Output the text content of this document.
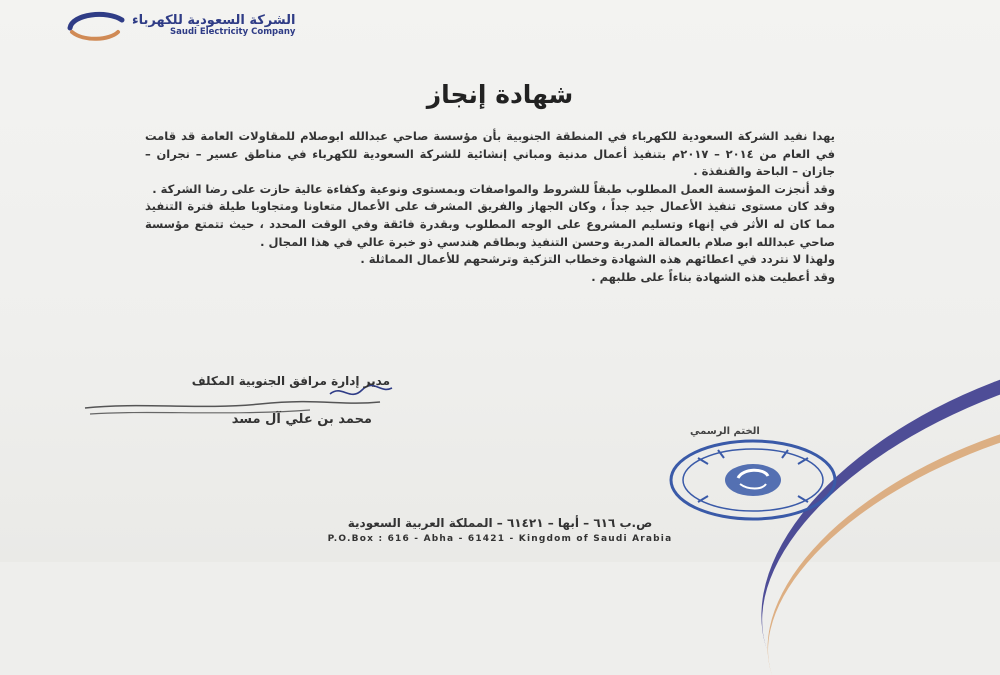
الشركة السعودية للكهرباء
Saudi Electricity Company
شهادة إنجاز

يهدا نفيد الشركة السعودية للكهرباء في المنطقة الجنوبية بأن مؤسسة صاحي عبدالله ابوصلام للمقاولات العامة قد قامت في العام من ٢٠١٤ – ٢٠١٧م بتنفيذ أعمال مدنية ومباني إنشائية للشركة السعودية للكهرباء في مناطق عسير – نجران – جازان – الباحة والقنفذة .

وقد أنجزت المؤسسة العمل المطلوب طبقاً للشروط والمواصفات وبمستوى ونوعية وكفاءة عالية حازت على رضا الشركة .

وقد كان مستوى تنفيذ الأعمال جيد جداً ، وكان الجهاز والفريق المشرف على الأعمال متعاونا ومتجاوبا طيلة فترة التنفيذ مما كان له الأثر في إنهاء وتسليم المشروع على الوجه المطلوب وبقدرة فائقة وفي الوقت المحدد ، حيث تتمتع مؤسسة صاحي عبدالله ابو صلام بالعمالة المدربة وحسن التنفيذ وبطاقم هندسي ذو خبرة عالي في هذا المجال .

ولهذا لا نتردد في اعطائهم هذه الشهادة وخطاب التزكية وترشحهم للأعمال المماثلة .

وقد أعطيت هذه الشهادة بناءاً على طلبهم .

مدير إدارة مرافق الجنوبية المكلف
محمد بن علي آل مسد
الختم الرسمي
ص.ب ٦١٦ – أبها – ٦١٤٢١ – المملكة العربية السعودية
P.O.Box : 616 - Abha - 61421 - Kingdom of Saudi Arabia
